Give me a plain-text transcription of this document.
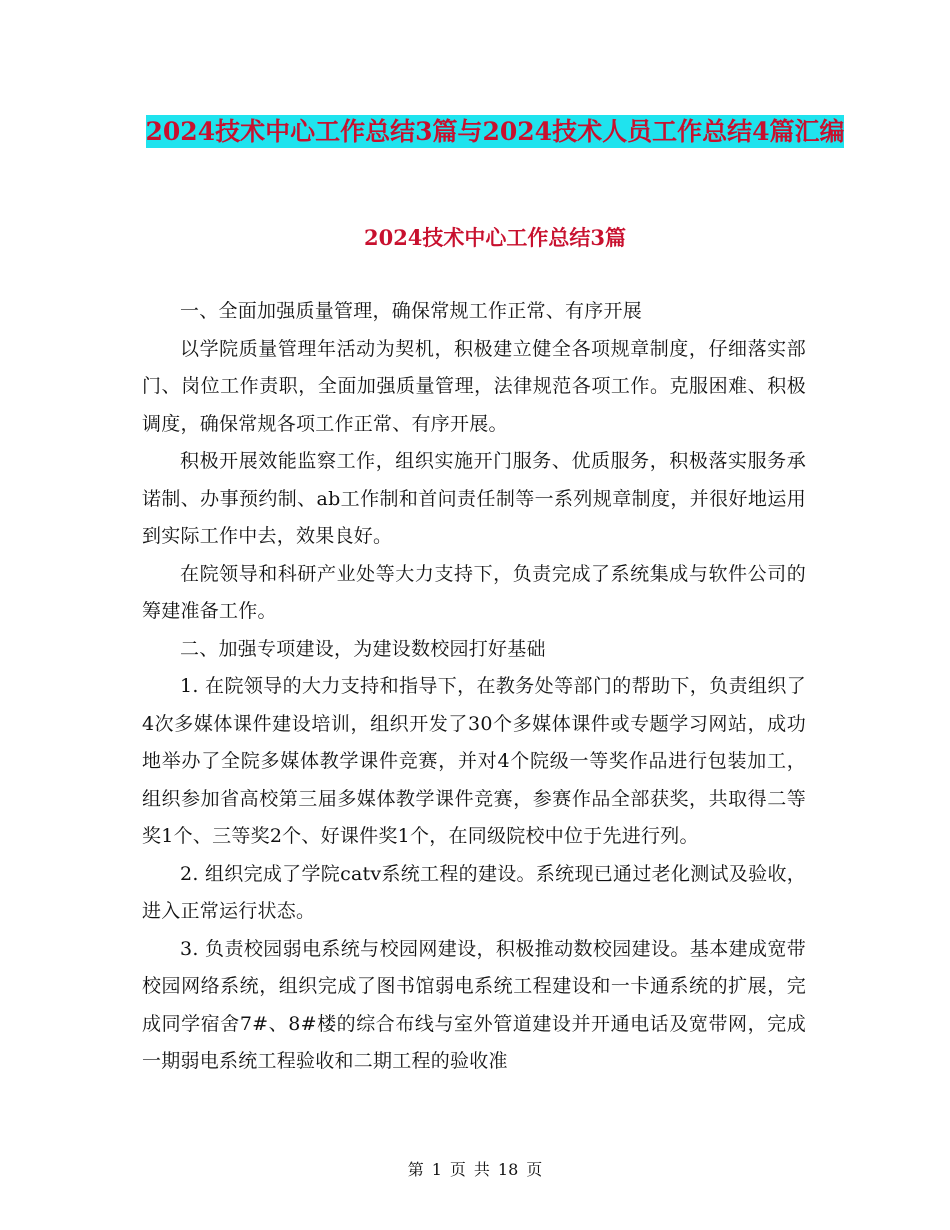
2024技术中心工作总结3篇与2024技术人员工作总结4篇汇编
2024技术中心工作总结3篇

一、全面加强质量管理，确保常规工作正常、有序开展

以学院质量管理年活动为契机，积极建立健全各项规章制度，仔细落实部门、岗位工作责职，全面加强质量管理，法律规范各项工作。克服困难、积极调度，确保常规各项工作正常、有序开展。

积极开展效能监察工作，组织实施开门服务、优质服务，积极落实服务承诺制、办事预约制、ab工作制和首问责任制等一系列规章制度，并很好地运用到实际工作中去，效果良好。

在院领导和科研产业处等大力支持下，负责完成了系统集成与软件公司的筹建准备工作。

二、加强专项建设，为建设数校园打好基础

1. 在院领导的大力支持和指导下，在教务处等部门的帮助下，负责组织了4次多媒体课件建设培训，组织开发了30个多媒体课件或专题学习网站，成功地举办了全院多媒体教学课件竞赛，并对4个院级一等奖作品进行包装加工，组织参加省高校第三届多媒体教学课件竞赛，参赛作品全部获奖，共取得二等奖1个、三等奖2个、好课件奖1个，在同级院校中位于先进行列。

2. 组织完成了学院catv系统工程的建设。系统现已通过老化测试及验收，进入正常运行状态。

3. 负责校园弱电系统与校园网建设，积极推动数校园建设。基本建成宽带校园网络系统，组织完成了图书馆弱电系统工程建设和一卡通系统的扩展，完成同学宿舍7#、8#楼的综合布线与室外管道建设并开通电话及宽带网，完成一期弱电系统工程验收和二期工程的验收准

第 1 页 共 18 页
